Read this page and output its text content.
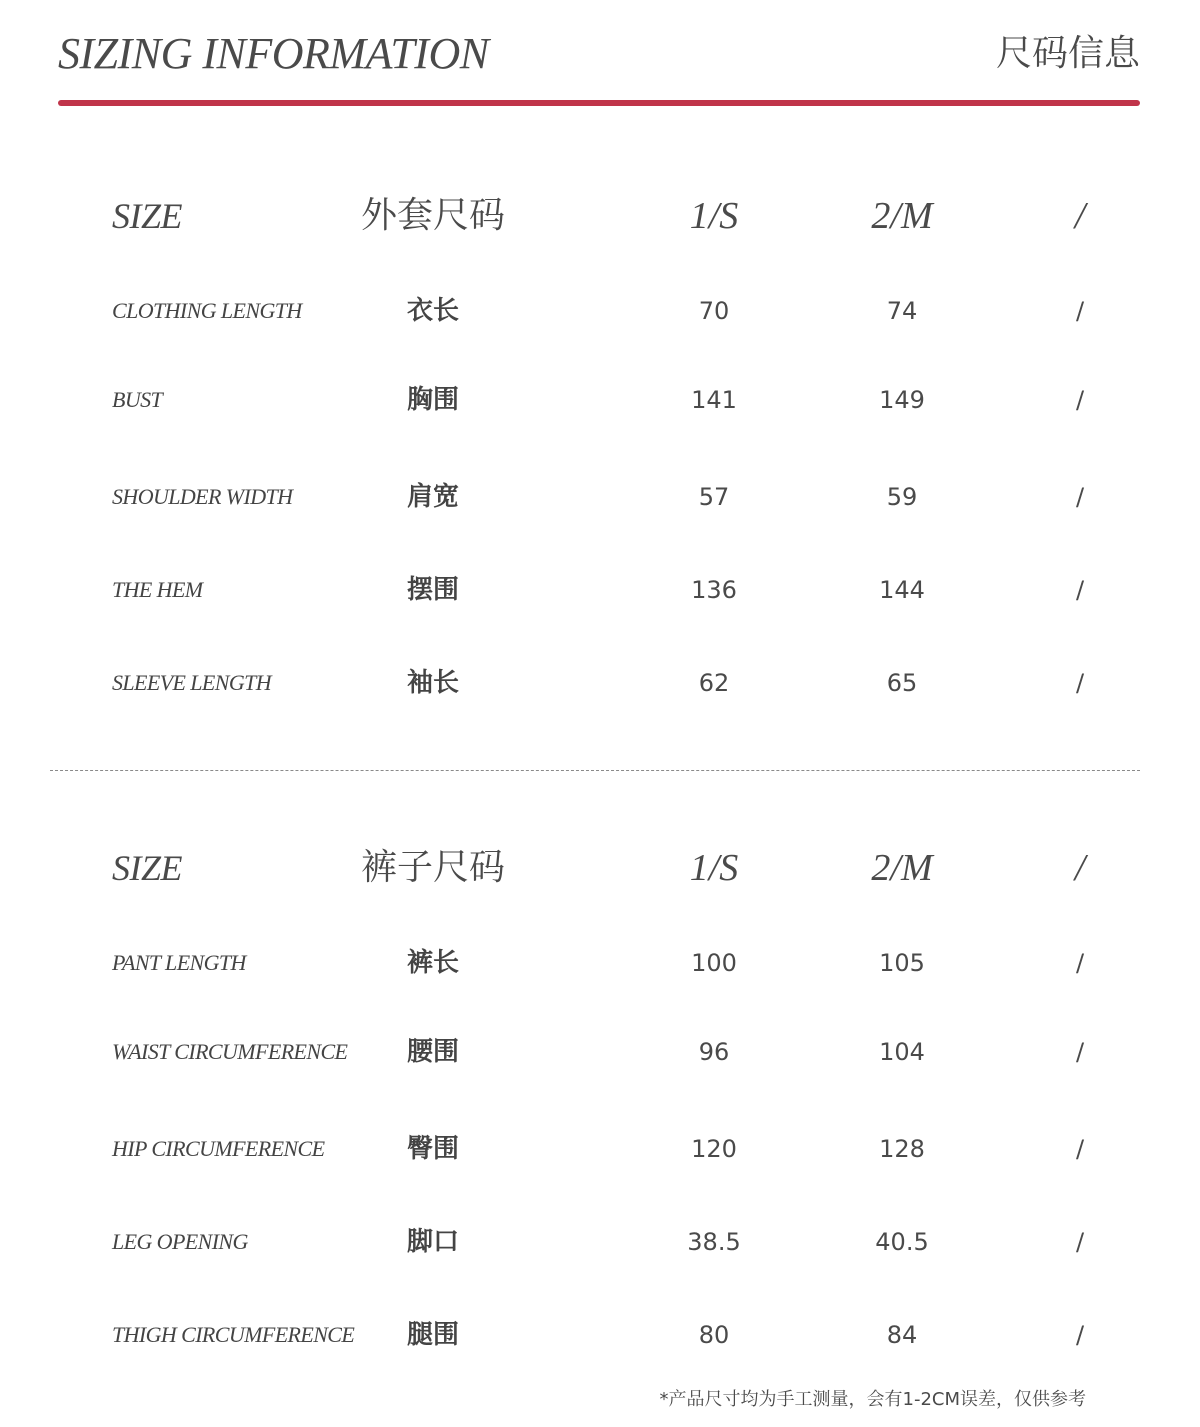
SIZING INFORMATION	尺码信息
SIZE	外套尺码	1/S	2/M	/
CLOTHING LENGTH	衣长	70	74	/
BUST	胸围	141	149	/
SHOULDER WIDTH	肩宽	57	59	/
THE HEM	摆围	136	144	/
SLEEVE LENGTH	袖长	62	65	/
SIZE	裤子尺码	1/S	2/M	/
PANT LENGTH	裤长	100	105	/
WAIST CIRCUMFERENCE	腰围	96	104	/
HIP CIRCUMFERENCE	臀围	120	128	/
LEG OPENING	脚口	38.5	40.5	/
THIGH CIRCUMFERENCE	腿围	80	84	/
*产品尺寸均为手工测量，会有1-2CM误差，仅供参考
